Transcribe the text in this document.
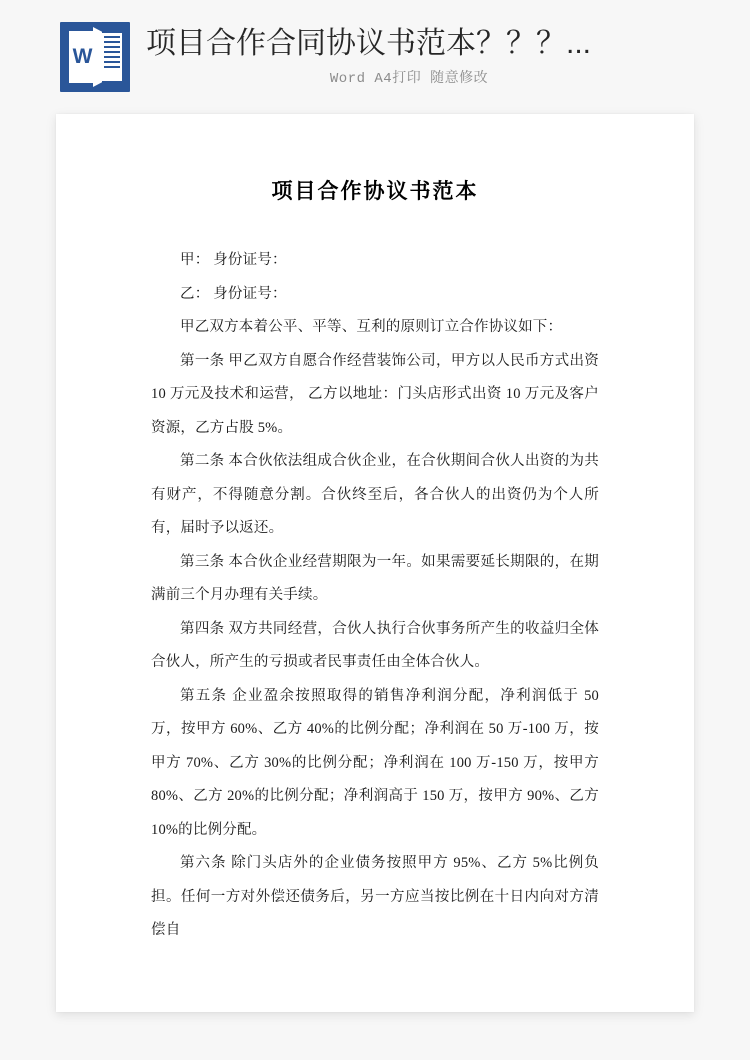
W 项目合作合同协议书范本？？？...
Word A4打印 随意修改
项目合作协议书范本

甲： 身份证号：

乙： 身份证号：

甲乙双方本着公平、平等、互利的原则订立合作协议如下：

第一条 甲乙双方自愿合作经营装饰公司，甲方以人民币方式出资 10 万元及技术和运营， 乙方以地址：门头店形式出资 10 万元及客户资源，乙方占股 5%。

第二条 本合伙依法组成合伙企业，在合伙期间合伙人出资的为共有财产，不得随意分割。合伙终至后，各合伙人的出资仍为个人所有，届时予以返还。

第三条 本合伙企业经营期限为一年。如果需要延长期限的，在期满前三个月办理有关手续。

第四条 双方共同经营，合伙人执行合伙事务所产生的收益归全体合伙人，所产生的亏损或者民事责任由全体合伙人。

第五条 企业盈余按照取得的销售净利润分配，净利润低于 50 万，按甲方 60%、乙方 40%的比例分配；净利润在 50 万-100 万，按甲方 70%、乙方 30%的比例分配；净利润在 100 万-150 万，按甲方 80%、乙方 20%的比例分配；净利润高于 150 万，按甲方 90%、乙方 10%的比例分配。

第六条 除门头店外的企业债务按照甲方 95%、乙方 5%比例负担。任何一方对外偿还债务后，另一方应当按比例在十日内向对方清偿自
